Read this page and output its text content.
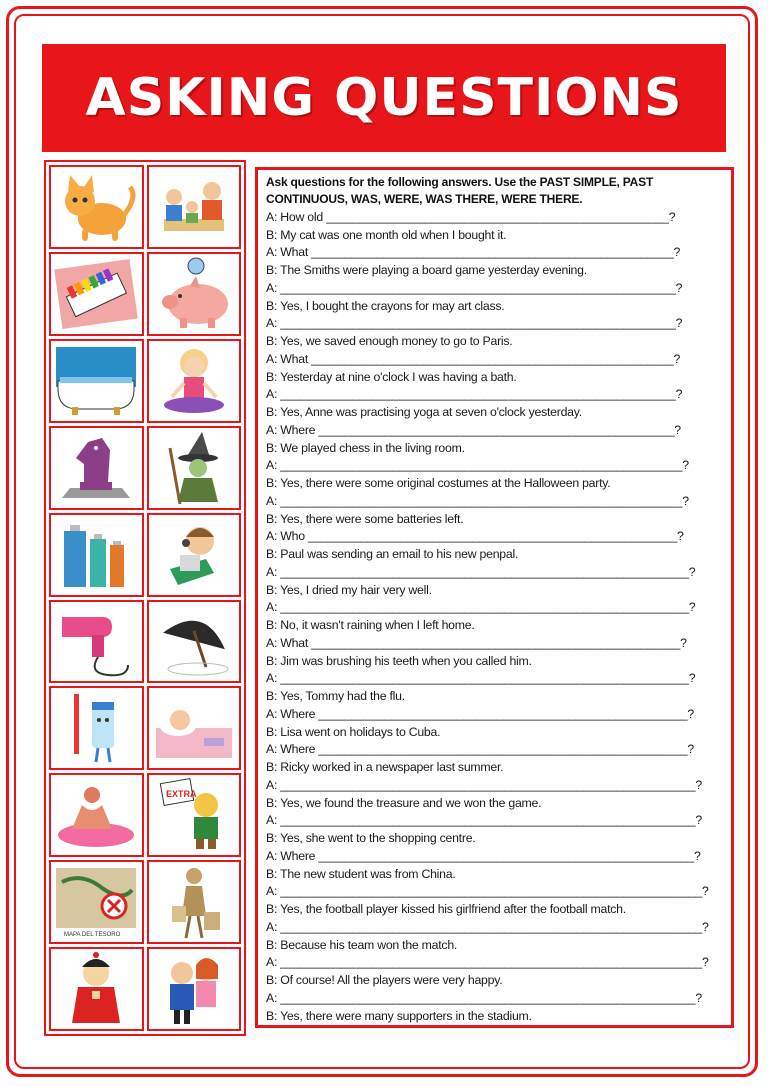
ASKING QUESTIONS
EXTRA
MAPA DEL TESORO
Ask questions for the following answers. Use the PAST SIMPLE, PAST CONTINUOUS, WAS, WERE, WAS THERE, WERE THERE.
A: How old ____________________________________________________?
B: My cat was one month old when I bought it.
A: What _______________________________________________________?
B: The Smiths were playing a board game yesterday evening.
A: ____________________________________________________________?
B: Yes, I bought the crayons for may art class.
A: ____________________________________________________________?
B: Yes, we saved enough money to go to Paris.
A: What _______________________________________________________?
B: Yesterday at nine o'clock I was having a bath.
A: ____________________________________________________________?
B: Yes, Anne was practising yoga at seven o'clock yesterday.
A: Where ______________________________________________________?
B: We played chess in the living room.
A: _____________________________________________________________?
B: Yes, there were some original costumes at the Halloween party.
A: _____________________________________________________________?
B: Yes, there were some batteries left.
A: Who ________________________________________________________?
B: Paul was sending an email to his new penpal.
A: ______________________________________________________________?
B: Yes, I dried my hair very well.
A: ______________________________________________________________?
B: No, it wasn't raining when I left home.
A: What ________________________________________________________?
B: Jim was brushing his teeth when you called him.
A: ______________________________________________________________?
B: Yes, Tommy had the flu.
A: Where ________________________________________________________?
B: Lisa went on holidays to Cuba.
A: Where ________________________________________________________?
B: Ricky worked in a newspaper last summer.
A: _______________________________________________________________?
B: Yes, we found the treasure and we won the game.
A: _______________________________________________________________?
B: Yes, she went to the shopping centre.
A: Where _________________________________________________________?
B: The new student was from China.
A: ________________________________________________________________?
B: Yes, the football player kissed his girlfriend after the football match.
A: ________________________________________________________________?
B: Because his team won the match.
A: ________________________________________________________________?
B: Of course! All the players were very happy.
A: _______________________________________________________________?
B: Yes, there were many supporters in the stadium.
